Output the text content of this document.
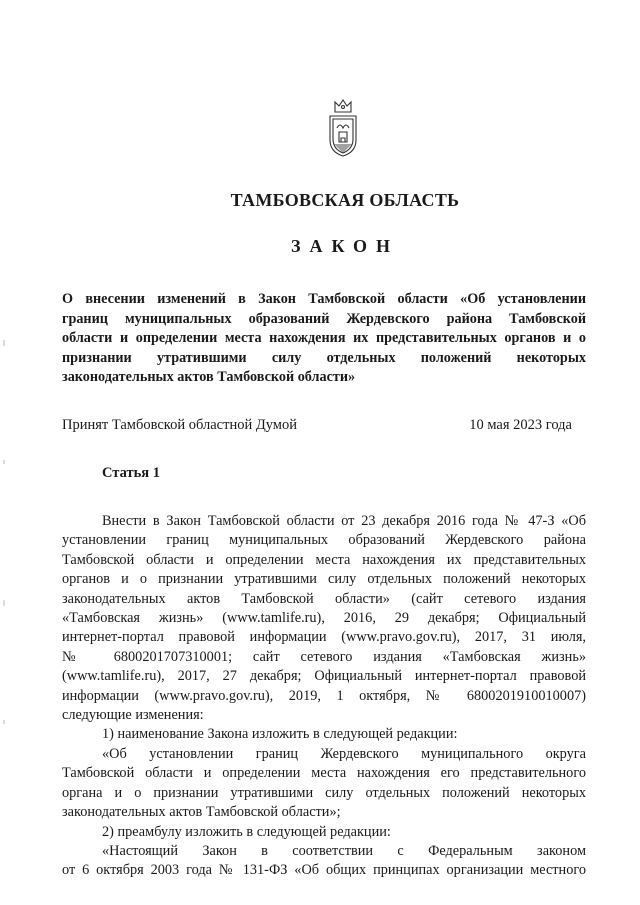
ТАМБОВСКАЯ ОБЛАСТЬ
ЗАКОН
О внесении изменений в Закон Тамбовской области «Об установлении
границ муниципальных образований Жердевского района Тамбовской
области и определении места нахождения их представительных органов и о
признании утратившими силу отдельных положений некоторых
законодательных актов Тамбовской области»
Принят Тамбовской областной Думой	10 мая 2023 года
Статья 1
Внести в Закон Тамбовской области от 23 декабря 2016 года № 47-З «Об
установлении границ муниципальных образований Жердевского района
Тамбовской области и определении места нахождения их представительных
органов и о признании утратившими силу отдельных положений некоторых
законодательных актов Тамбовской области» (сайт сетевого издания
«Тамбовская жизнь» (www.tamlife.ru), 2016, 29 декабря; Официальный
интернет-портал правовой информации (www.pravo.gov.ru), 2017, 31 июля,
№ 6800201707310001; сайт сетевого издания «Тамбовская жизнь»
(www.tamlife.ru), 2017, 27 декабря; Официальный интернет-портал правовой
информации (www.pravo.gov.ru), 2019, 1 октября, № 6800201910010007)
следующие изменения:
1) наименование Закона изложить в следующей редакции:
«Об установлении границ Жердевского муниципального округа
Тамбовской области и определении места нахождения его представительного
органа и о признании утратившими силу отдельных положений некоторых
законодательных актов Тамбовской области»;
2) преамбулу изложить в следующей редакции:
«Настоящий Закон в соответствии с Федеральным законом
от 6 октября 2003 года № 131-ФЗ «Об общих принципах организации местного
